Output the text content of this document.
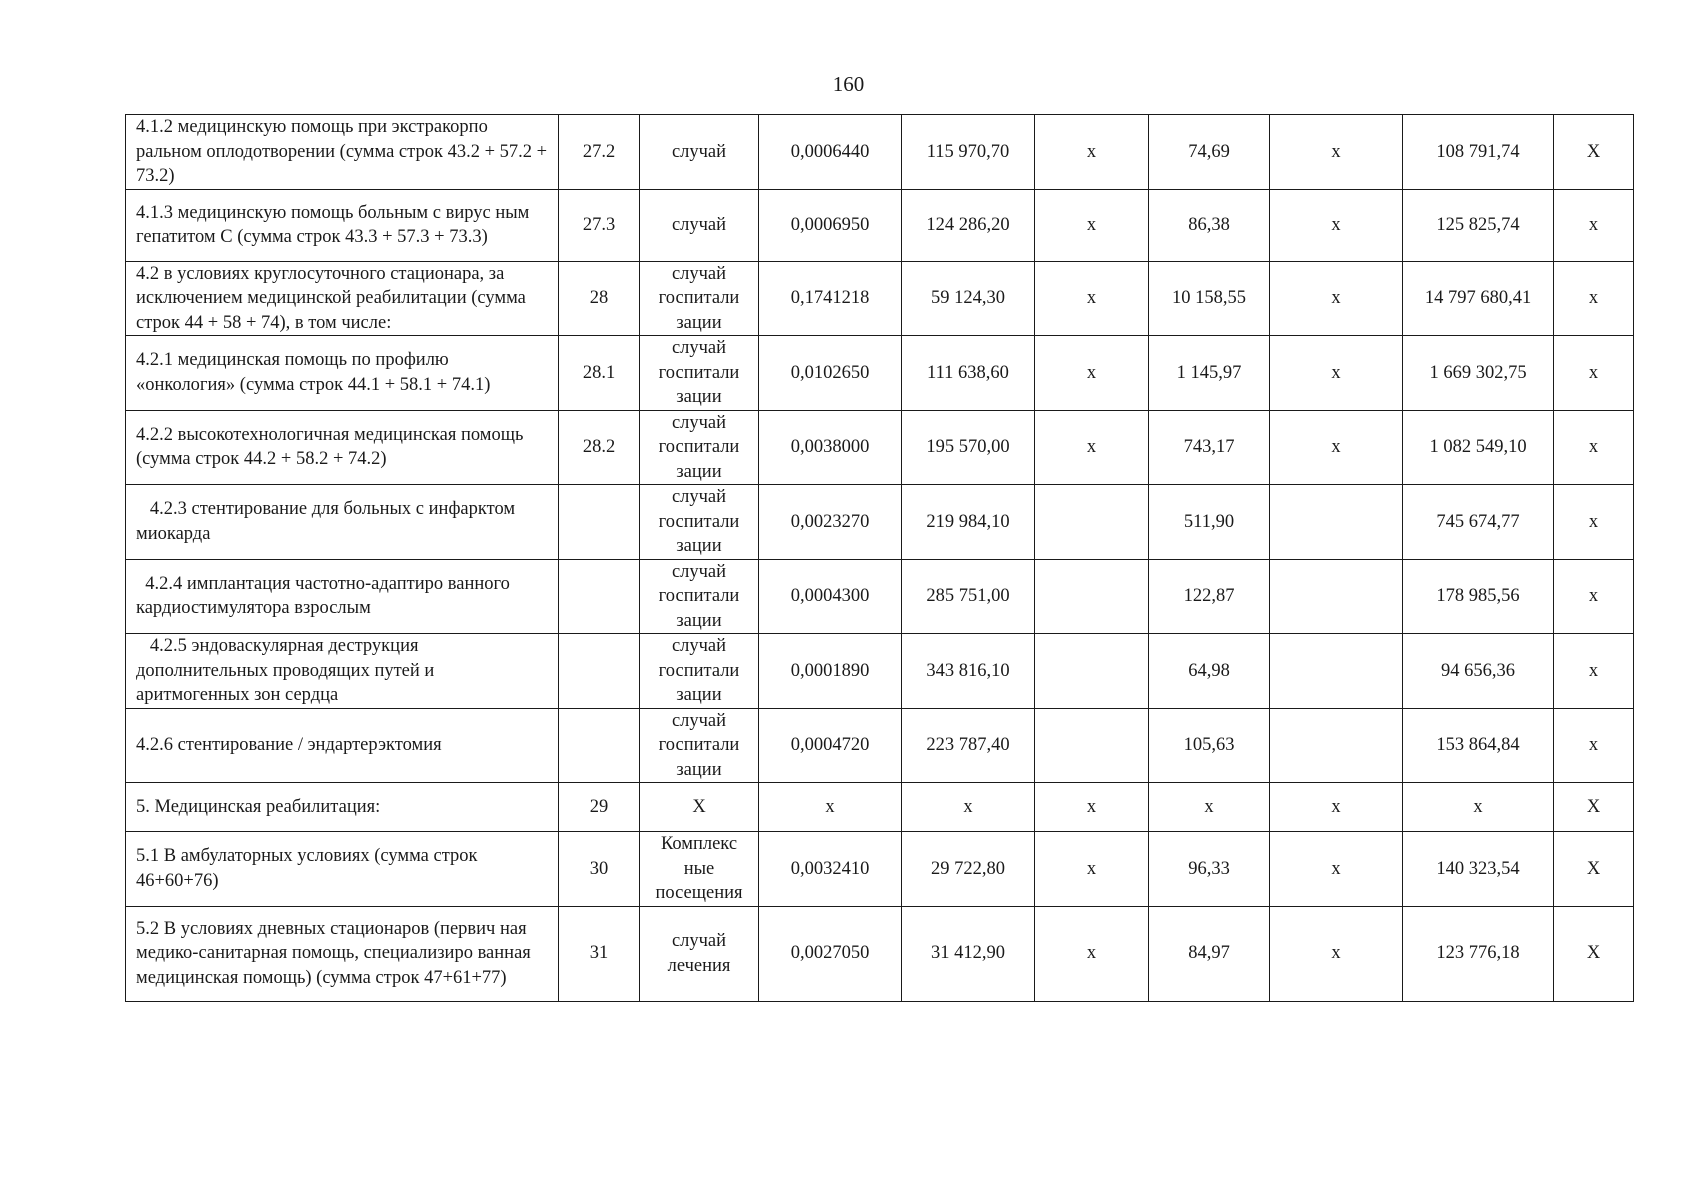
160
4.1.2 медицинскую помощь при экстракорпо ральном оплодотворении (сумма строк 43.2 + 57.2 + 73.2)	27.2	случай	0,0006440	115 970,70	х	74,69	х	108 791,74	Х
4.1.3 медицинскую помощь больным с вирус ным гепатитом С (сумма строк 43.3 + 57.3 + 73.3)	27.3	случай	0,0006950	124 286,20	х	86,38	х	125 825,74	х
4.2 в условиях круглосуточного стационара, за исключением медицинской реабилитации (сумма строк 44 + 58 + 74), в том числе:	28	случай госпитали зации	0,1741218	59 124,30	х	10 158,55	х	14 797 680,41	х
4.2.1 медицинская помощь по профилю «онкология» (сумма строк 44.1 + 58.1 + 74.1)	28.1	случай госпитали зации	0,0102650	111 638,60	х	1 145,97	х	1 669 302,75	х
4.2.2 высокотехнологичная медицинская помощь (сумма строк 44.2 + 58.2 + 74.2)	28.2	случай госпитали зации	0,0038000	195 570,00	х	743,17	х	1 082 549,10	х
4.2.3 стентирование для больных с инфарктом миокарда		случай госпитали зации	0,0023270	219 984,10		511,90		745 674,77	х
4.2.4 имплантация частотно-адаптиро ванного кардиостимулятора взрослым		случай госпитали зации	0,0004300	285 751,00		122,87		178 985,56	х
4.2.5 эндоваскулярная деструкция дополнительных проводящих путей и аритмогенных зон сердца		случай госпитали зации	0,0001890	343 816,10		64,98		94 656,36	х
4.2.6 стентирование / эндартерэктомия		случай госпитали зации	0,0004720	223 787,40		105,63		153 864,84	х
5. Медицинская реабилитация:	29	Х	х	х	х	х	х	х	Х
5.1 В амбулаторных условиях (сумма строк 46+60+76)	30	Комплекс ные посещения	0,0032410	29 722,80	х	96,33	х	140 323,54	Х
5.2 В условиях дневных стационаров (первич ная медико-санитарная помощь, специализиро ванная медицинская помощь) (сумма строк 47+61+77)	31	случай лечения	0,0027050	31 412,90	х	84,97	х	123 776,18	Х
